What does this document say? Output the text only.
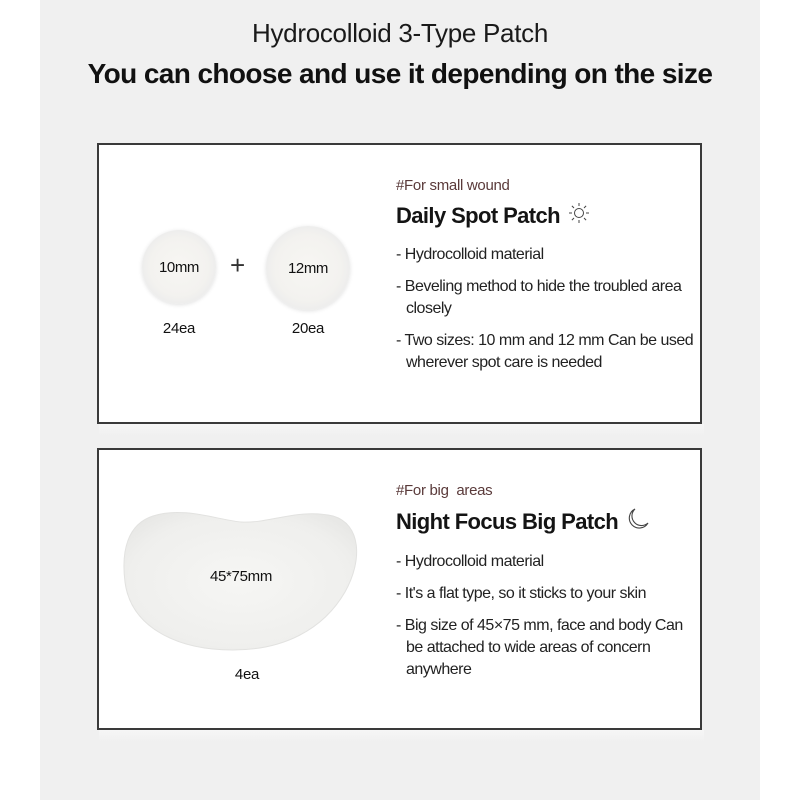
Hydrocolloid 3-Type Patch
You can choose and use it depending on the size
10mm +	12mm
24ea	20ea
#For small wound
Daily Spot Patch
- Hydrocolloid material
- Beveling method to hide the troubled area closely
- Two sizes: 10 mm and 12 mm Can be used wherever spot care is needed
45*75mm
4ea
#For big  areas
Night Focus Big Patch
- Hydrocolloid material
- It's a flat type, so it sticks to your skin
- Big size of 45×75 mm, face and body Can be attached to wide areas of concern anywhere
